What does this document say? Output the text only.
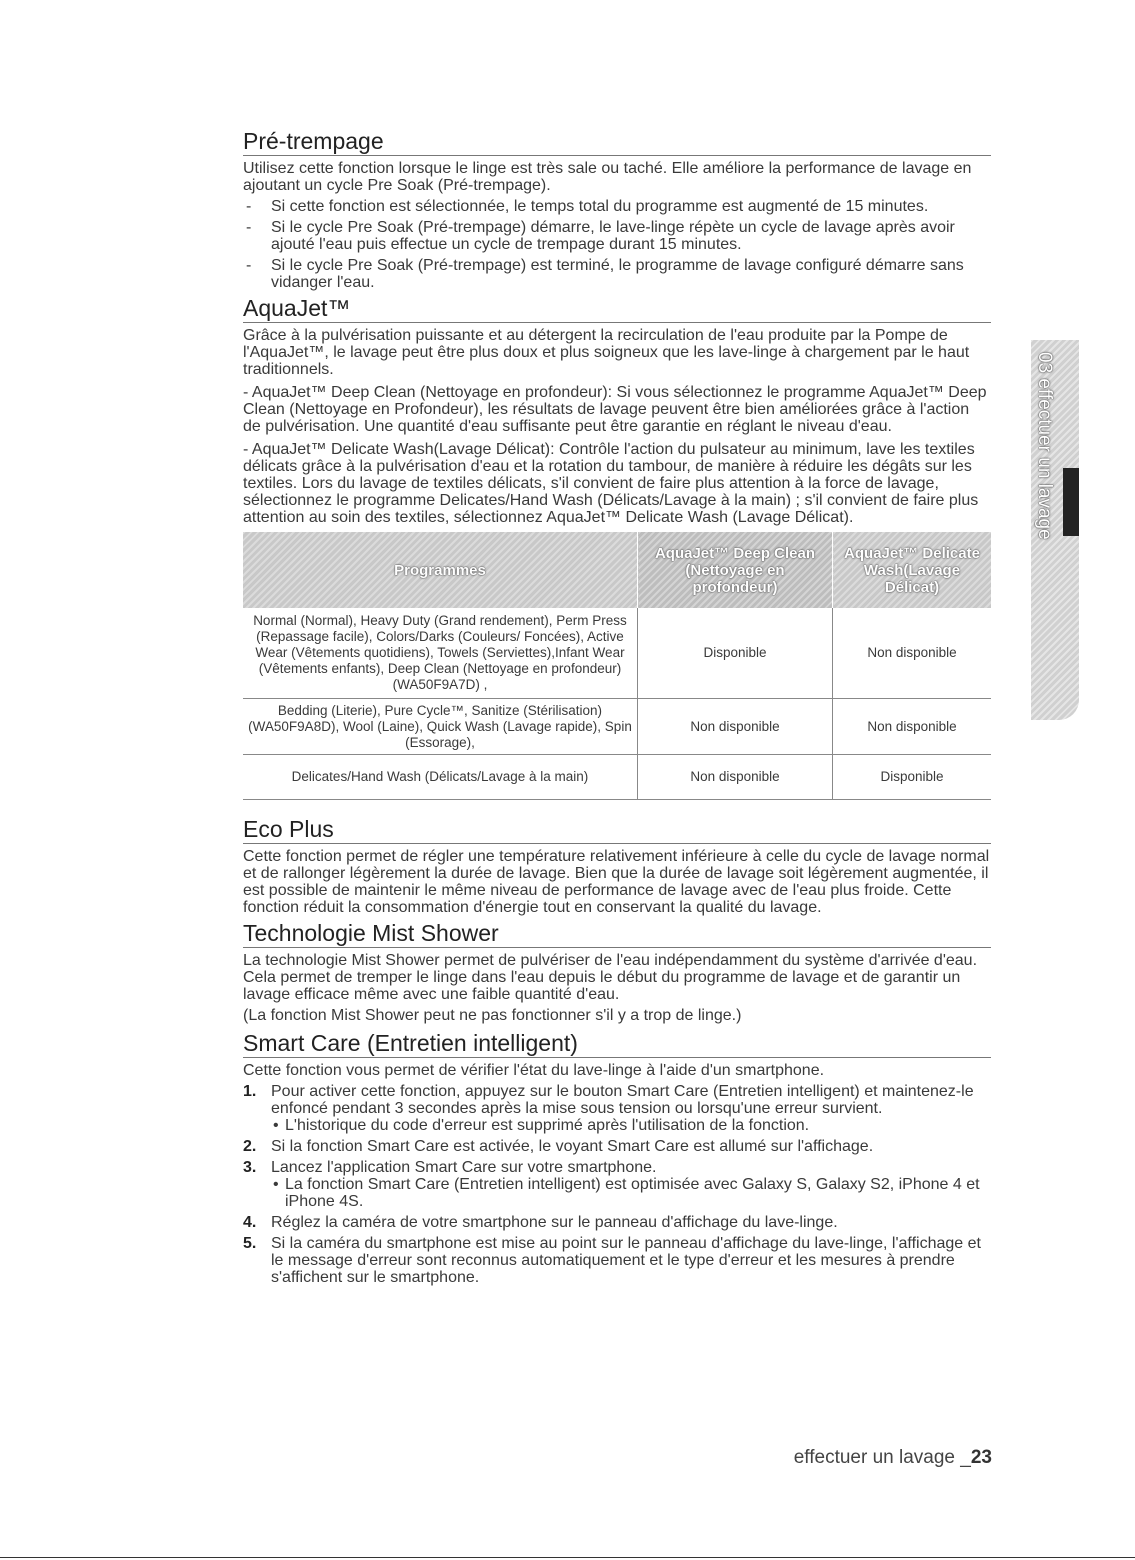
03 effectuer un lavage
Pré-trempage

Utilisez cette fonction lorsque le linge est très sale ou taché. Elle améliore la performance de lavage en ajoutant un cycle Pre Soak (Pré-trempage).

- Si cette fonction est sélectionnée, le temps total du programme est augmenté de 15 minutes.

- Si le cycle Pre Soak (Pré-trempage) démarre, le lave-linge répète un cycle de lavage après avoir ajouté l'eau puis effectue un cycle de trempage durant 15 minutes.

- Si le cycle Pre Soak (Pré-trempage) est terminé, le programme de lavage configuré démarre sans vidanger l'eau.

AquaJet™

Grâce à la pulvérisation puissante et au détergent la recirculation de l'eau produite par la Pompe de l'AquaJet™, le lavage peut être plus doux et plus soigneux que les lave-linge à chargement par le haut traditionnels.

- AquaJet™ Deep Clean (Nettoyage en profondeur): Si vous sélectionnez le programme AquaJet™ Deep Clean (Nettoyage en Profondeur), les résultats de lavage peuvent être bien améliorées grâce à l'action de pulvérisation. Une quantité d'eau suffisante peut être garantie en réglant le niveau d'eau.

- AquaJet™ Delicate Wash(Lavage Délicat): Contrôle l'action du pulsateur au minimum, lave les textiles délicats grâce à la pulvérisation d'eau et la rotation du tambour, de manière à réduire les dégâts sur les textiles. Lors du lavage de textiles délicats, s'il convient de faire plus attention à la force de lavage, sélectionnez le programme Delicates/Hand Wash (Délicats/Lavage à la main) ; s'il convient de faire plus attention au soin des textiles, sélectionnez AquaJet™ Delicate Wash (Lavage Délicat).

Programmes	AquaJet™ Deep Clean (Nettoyage en profondeur)	AquaJet™ Delicate Wash(Lavage Délicat)
Normal (Normal), Heavy Duty (Grand rendement), Perm Press (Repassage facile), Colors/Darks (Couleurs/ Foncées), Active Wear (Vêtements quotidiens), Towels (Serviettes),Infant Wear (Vêtements enfants), Deep Clean (Nettoyage en profondeur) (WA50F9A7D) ,	Disponible	Non disponible
Bedding (Literie), Pure Cycle™, Sanitize (Stérilisation) (WA50F9A8D), Wool (Laine), Quick Wash (Lavage rapide), Spin (Essorage),	Non disponible	Non disponible
Delicates/Hand Wash (Délicats/Lavage à la main)	Non disponible	Disponible
Eco Plus

Cette fonction permet de régler une température relativement inférieure à celle du cycle de lavage normal et de rallonger légèrement la durée de lavage. Bien que la durée de lavage soit légèrement augmentée, il est possible de maintenir le même niveau de performance de lavage avec de l'eau plus froide. Cette fonction réduit la consommation d'énergie tout en conservant la qualité du lavage.

Technologie Mist Shower

La technologie Mist Shower permet de pulvériser de l'eau indépendamment du système d'arrivée d'eau. Cela permet de tremper le linge dans l'eau depuis le début du programme de lavage et de garantir un lavage efficace même avec une faible quantité d'eau.

(La fonction Mist Shower peut ne pas fonctionner s'il y a trop de linge.)

Smart Care (Entretien intelligent)

Cette fonction vous permet de vérifier l'état du lave-linge à l'aide d'un smartphone.

1. Pour activer cette fonction, appuyez sur le bouton Smart Care (Entretien intelligent) et maintenez-le enfoncé pendant 3 secondes après la mise sous tension ou lorsqu'une erreur survient.
• L'historique du code d'erreur est supprimé après l'utilisation de la fonction.
2. Si la fonction Smart Care est activée, le voyant Smart Care est allumé sur l'affichage.
3. Lancez l'application Smart Care sur votre smartphone.
• La fonction Smart Care (Entretien intelligent) est optimisée avec Galaxy S, Galaxy S2, iPhone 4 et iPhone 4S.
4. Réglez la caméra de votre smartphone sur le panneau d'affichage du lave-linge.
5. Si la caméra du smartphone est mise au point sur le panneau d'affichage du lave-linge, l'affichage et le message d'erreur sont reconnus automatiquement et le type d'erreur et les mesures à prendre s'affichent sur le smartphone.
effectuer un lavage _23
